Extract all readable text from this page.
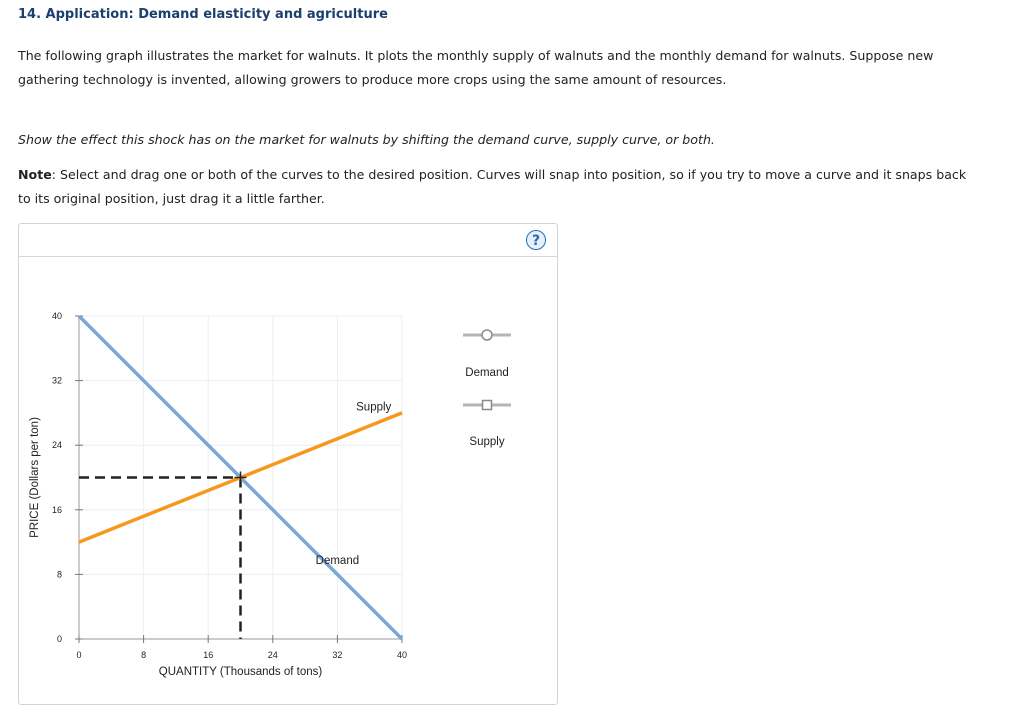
14. Application: Demand elasticity and agriculture

The following graph illustrates the market for walnuts. It plots the monthly supply of walnuts and the monthly demand for walnuts. Suppose new gathering technology is invented, allowing growers to produce more crops using the same amount of resources.

Show the effect this shock has on the market for walnuts by shifting the demand curve, supply curve, or both.

Note: Select and drag one or both of the curves to the desired position. Curves will snap into position, so if you try to move a curve and it snaps back to its original position, just drag it a little farther.

?
0	8	16	24	32	40
0
8
16
24
32
40
QUANTITY (Thousands of tons)
PRICE (Dollars per ton)
Supply
Demand
Demand
Supply
